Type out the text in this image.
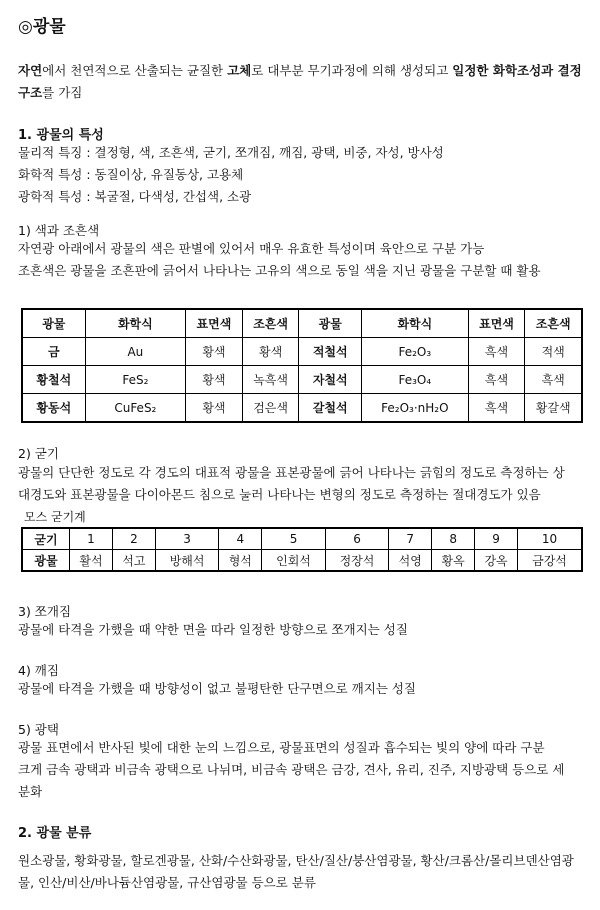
◎광물
자연에서 천연적으로 산출되는 균질한 고체로 대부분 무기과정에 의해 생성되고 일정한 화학조성과 결정구조를 가짐
1. 광물의 특성
물리적 특징 : 결정형, 색, 조흔색, 굳기, 쪼개짐, 깨짐, 광택, 비중, 자성, 방사성
화학적 특성 : 동질이상, 유질동상, 고용체
광학적 특성 : 복굴절, 다색성, 간섭색, 소광
1) 색과 조흔색
자연광 아래에서 광물의 색은 판별에 있어서 매우 유효한 특성이며 육안으로 구분 가능
조흔색은 광물을 조흔판에 긁어서 나타나는 고유의 색으로 동일 색을 지닌 광물을 구분할 때 활용
광물	화학식	표면색	조흔색	광물	화학식	표면색	조흔색
금	Au	황색	황색	적철석	Fe₂O₃	흑색	적색
황철석	FeS₂	황색	녹흑색	자철석	Fe₃O₄	흑색	흑색
황동석	CuFeS₂	황색	검은색	갈철석	Fe₂O₃·nH₂O	흑색	황갈색
2) 굳기
광물의 단단한 정도로 각 경도의 대표적 광물을 표본광물에 긁어 나타나는 긁힘의 정도로 측정하는 상
대경도와 표본광물을 다이아몬드 침으로 눌러 나타나는 변형의 정도로 측정하는 절대경도가 있음
모스 굳기계
굳기	1	2	3	4	5	6	7	8	9	10
광물	활석	석고	방해석	형석	인회석	정장석	석영	황옥	강옥	금강석
3) 쪼개짐
광물에 타격을 가했을 때 약한 면을 따라 일정한 방향으로 쪼개지는 성질
4) 깨짐
광물에 타격을 가했을 때 방향성이 없고 불평탄한 단구면으로 깨지는 성질
5) 광택
광물 표면에서 반사된 빛에 대한 눈의 느낌으로, 광물표면의 성질과 흡수되는 빛의 양에 따라 구분
크게 금속 광택과 비금속 광택으로 나뉘며, 비금속 광택은 금강, 견사, 유리, 진주, 지방광택 등으로 세
분화
2. 광물 분류
원소광물, 황화광물, 할로겐광물, 산화/수산화광물, 탄산/질산/붕산염광물, 황산/크롬산/몰리브덴산염광
물, 인산/비산/바나듐산염광물, 규산염광물 등으로 분류
